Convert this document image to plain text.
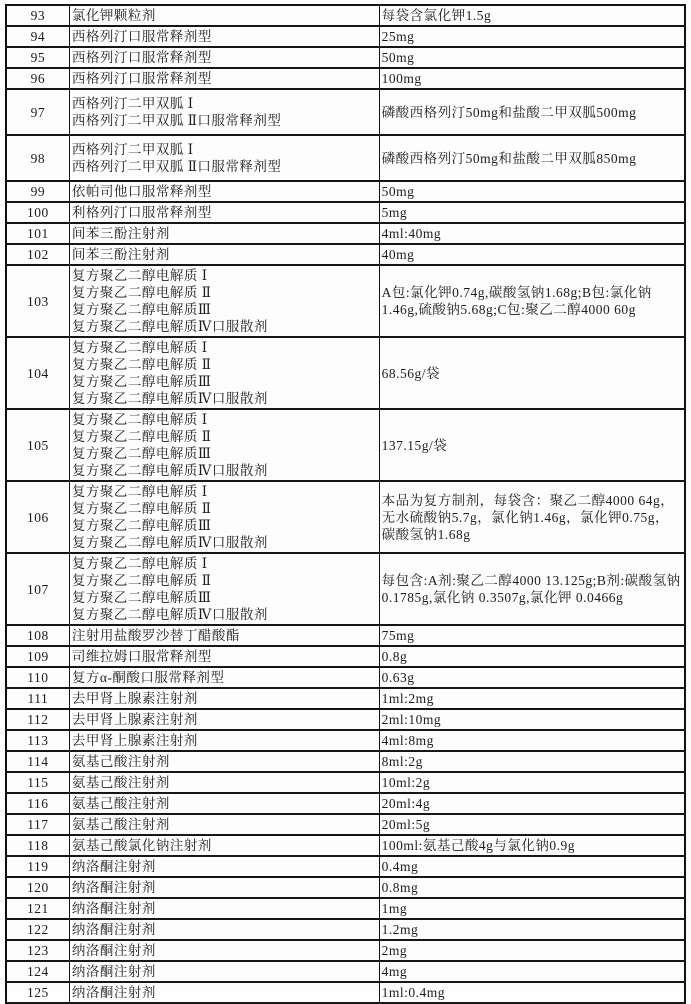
93	氯化钾颗粒剂	每袋含氯化钾1.5g
94	西格列汀口服常释剂型	25mg
95	西格列汀口服常释剂型	50mg
96	西格列汀口服常释剂型	100mg
97	西格列汀二甲双胍 Ⅰ
西格列汀二甲双胍 Ⅱ口服常释剂型	磷酸西格列汀50mg和盐酸二甲双胍500mg
98	西格列汀二甲双胍 Ⅰ
西格列汀二甲双胍 Ⅱ口服常释剂型	磷酸西格列汀50mg和盐酸二甲双胍850mg
99	依帕司他口服常释剂型	50mg
100	利格列汀口服常释剂型	5mg
101	间苯三酚注射剂	4ml:40mg
102	间苯三酚注射剂	40mg
103	复方聚乙二醇电解质 Ⅰ
复方聚乙二醇电解质 Ⅱ
复方聚乙二醇电解质Ⅲ
复方聚乙二醇电解质Ⅳ口服散剂	A包:氯化钾0.74g,碳酸氢钠1.68g;B包:氯化钠1.46g,硫酸钠5.68g;C包:聚乙二醇4000 60g
104	复方聚乙二醇电解质 Ⅰ
复方聚乙二醇电解质 Ⅱ
复方聚乙二醇电解质Ⅲ
复方聚乙二醇电解质Ⅳ口服散剂	68.56g/袋
105	复方聚乙二醇电解质 Ⅰ
复方聚乙二醇电解质 Ⅱ
复方聚乙二醇电解质Ⅲ
复方聚乙二醇电解质Ⅳ口服散剂	137.15g/袋
106	复方聚乙二醇电解质 Ⅰ
复方聚乙二醇电解质 Ⅱ
复方聚乙二醇电解质Ⅲ
复方聚乙二醇电解质Ⅳ口服散剂	本品为复方制剂，每袋含：聚乙二醇4000 64g，无水硫酸钠5.7g，氯化钠1.46g，氯化钾0.75g，碳酸氢钠1.68g
107	复方聚乙二醇电解质 Ⅰ
复方聚乙二醇电解质 Ⅱ
复方聚乙二醇电解质Ⅲ
复方聚乙二醇电解质Ⅳ口服散剂	每包含:A剂:聚乙二醇4000 13.125g;B剂:碳酸氢钠 0.1785g,氯化钠 0.3507g,氯化钾 0.0466g
108	注射用盐酸罗沙替丁醋酸酯	75mg
109	司维拉姆口服常释剂型	0.8g
110	复方α-酮酸口服常释剂型	0.63g
111	去甲肾上腺素注射剂	1ml:2mg
112	去甲肾上腺素注射剂	2ml:10mg
113	去甲肾上腺素注射剂	4ml:8mg
114	氨基己酸注射剂	8ml:2g
115	氨基己酸注射剂	10ml:2g
116	氨基己酸注射剂	20ml:4g
117	氨基己酸注射剂	20ml:5g
118	氨基己酸氯化钠注射剂	100ml:氨基己酸4g与氯化钠0.9g
119	纳洛酮注射剂	0.4mg
120	纳洛酮注射剂	0.8mg
121	纳洛酮注射剂	1mg
122	纳洛酮注射剂	1.2mg
123	纳洛酮注射剂	2mg
124	纳洛酮注射剂	4mg
125	纳洛酮注射剂	1ml:0.4mg
